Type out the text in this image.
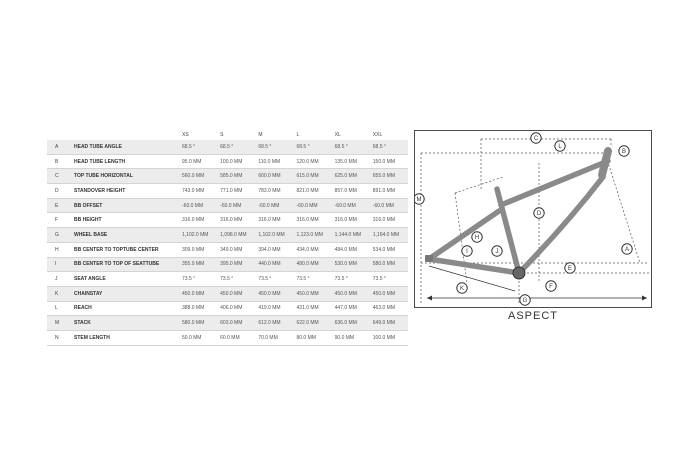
		XS	S	M	L	XL	XXL
A	HEAD TUBE ANGLE	68.5 °	68.5 °	68.5 °	68.5 °	68.5 °	68.5 °
B	HEAD TUBE LENGTH	95.0 MM	100.0 MM	110.0 MM	120.0 MM	135.0 MM	150.0 MM
C	TOP TUBE HORIZONTAL	560.0 MM	585.0 MM	600.0 MM	615.0 MM	625.0 MM	655.0 MM
D	STANDOVER HEIGHT	743.0 MM	771.0 MM	783.0 MM	821.0 MM	857.0 MM	891.0 MM
E	BB OFFSET	-60.0 MM	-60.0 MM	-60.0 MM	-60.0 MM	-60.0 MM	-60.0 MM
F	BB HEIGHT	316.0 MM	316.0 MM	316.0 MM	316.0 MM	316.0 MM	316.0 MM
G	WHEEL BASE	1,102.0 MM	1,098.0 MM	1,102.0 MM	1,123.0 MM	1,144.0 MM	1,164.0 MM
H	BB CENTER TO TOPTUBE CENTER	309.0 MM	349.0 MM	394.0 MM	434.0 MM	484.0 MM	534.0 MM
I	BB CENTER TO TOP OF SEATTUBE	355.0 MM	395.0 MM	440.0 MM	480.0 MM	530.0 MM	580.0 MM
J	SEAT ANGLE	73.5 °	73.5 °	73.5 °	73.5 °	73.5 °	73.5 °
K	CHAINSTAY	450.0 MM	450.0 MM	450.0 MM	450.0 MM	450.0 MM	450.0 MM
L	REACH	388.0 MM	406.0 MM	419.0 MM	431.0 MM	447.0 MM	463.0 MM
M	STACK	580.0 MM	603.0 MM	612.0 MM	622.0 MM	636.0 MM	649.0 MM
N	STEM LENGTH	50.0 MM	60.0 MM	70.0 MM	80.0 MM	90.0 MM	100.0 MM
A
B
C
D
E
F
G
H
I	J
K
L
M
ASPECT
